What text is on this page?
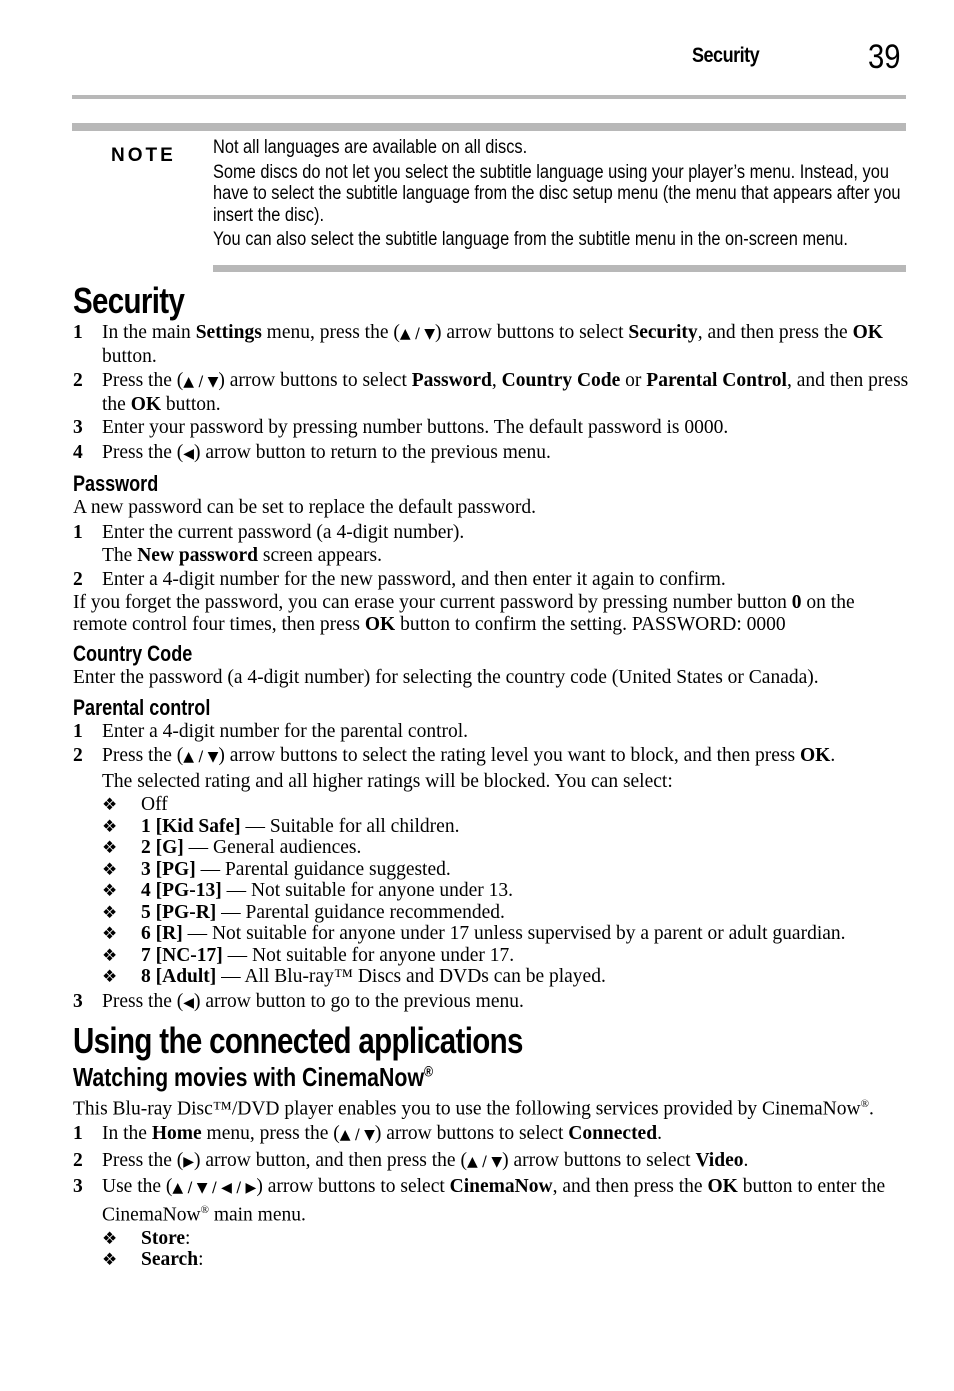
Security	39
NOTE Not all languages are available on all discs.

Some discs do not let you select the subtitle language using your player’s menu. Instead, you have to select the subtitle language from the disc setup menu (the menu that appears after you insert the disc).

You can also select the subtitle language from the subtitle menu in the on-screen menu.

Security
1 In the main Settings menu, press the (▲ / ▼) arrow buttons to select Security, and then press the OK button.
2 Press the (▲ / ▼) arrow buttons to select Password, Country Code or Parental Control, and then press the OK button.
3 Enter your password by pressing number buttons. The default password is 0000.
4 Press the (◀) arrow button to return to the previous menu.
Password

A new password can be set to replace the default password.

1 Enter the current password (a 4-digit number).

The New password screen appears.

2 Enter a 4-digit number for the new password, and then enter it again to confirm.

If you forget the password, you can erase your current password by pressing number button 0 on the remote control four times, then press OK button to confirm the setting. PASSWORD: 0000

Country Code

Enter the password (a 4-digit number) for selecting the country code (United States or Canada).

Parental control
1 Enter a 4-digit number for the parental control.
2 Press the (▲ / ▼) arrow buttons to select the rating level you want to block, and then press OK.

The selected rating and all higher ratings will be blocked. You can select:

❖	Off
❖	1 [Kid Safe] — Suitable for all children.
❖	2 [G] — General audiences.
❖	3 [PG] — Parental guidance suggested.
❖	4 [PG-13] — Not suitable for anyone under 13.
❖	5 [PG-R] — Parental guidance recommended.
❖	6 [R] — Not suitable for anyone under 17 unless supervised by a parent or adult guardian.
❖	7 [NC-17] — Not suitable for anyone under 17.
❖	8 [Adult] — All Blu-ray™ Discs and DVDs can be played.
3 Press the (◀) arrow button to go to the previous menu.
Using the connected applications
Watching movies with CinemaNow®

This Blu-ray Disc™/DVD player enables you to use the following services provided by CinemaNow®.

1 In the Home menu, press the (▲ / ▼) arrow buttons to select Connected.
2 Press the (▶) arrow button, and then press the (▲ / ▼) arrow buttons to select Video.
3 Use the (▲ / ▼ / ◀ / ▶) arrow buttons to select CinemaNow, and then press the OK button to enter the CinemaNow® main menu.
❖	Store:
❖	Search:
